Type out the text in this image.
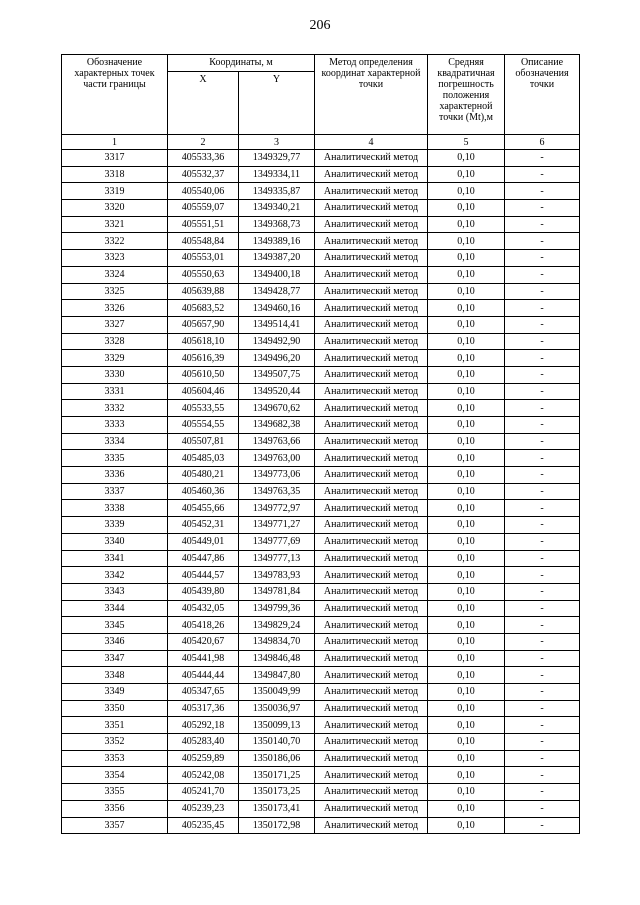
206
Обозначение характерных точек части границы	Координаты, м		Метод определения координат характерной точки	Средняя квадратичная погрешность положения характерной точки (Mt),м	Описание обозначения точки
	X	Y			
1	2	3	4	5	6
3317	405533,36	1349329,77	Аналитический метод	0,10	-
3318	405532,37	1349334,11	Аналитический метод	0,10	-
3319	405540,06	1349335,87	Аналитический метод	0,10	-
3320	405559,07	1349340,21	Аналитический метод	0,10	-
3321	405551,51	1349368,73	Аналитический метод	0,10	-
3322	405548,84	1349389,16	Аналитический метод	0,10	-
3323	405553,01	1349387,20	Аналитический метод	0,10	-
3324	405550,63	1349400,18	Аналитический метод	0,10	-
3325	405639,88	1349428,77	Аналитический метод	0,10	-
3326	405683,52	1349460,16	Аналитический метод	0,10	-
3327	405657,90	1349514,41	Аналитический метод	0,10	-
3328	405618,10	1349492,90	Аналитический метод	0,10	-
3329	405616,39	1349496,20	Аналитический метод	0,10	-
3330	405610,50	1349507,75	Аналитический метод	0,10	-
3331	405604,46	1349520,44	Аналитический метод	0,10	-
3332	405533,55	1349670,62	Аналитический метод	0,10	-
3333	405554,55	1349682,38	Аналитический метод	0,10	-
3334	405507,81	1349763,66	Аналитический метод	0,10	-
3335	405485,03	1349763,00	Аналитический метод	0,10	-
3336	405480,21	1349773,06	Аналитический метод	0,10	-
3337	405460,36	1349763,35	Аналитический метод	0,10	-
3338	405455,66	1349772,97	Аналитический метод	0,10	-
3339	405452,31	1349771,27	Аналитический метод	0,10	-
3340	405449,01	1349777,69	Аналитический метод	0,10	-
3341	405447,86	1349777,13	Аналитический метод	0,10	-
3342	405444,57	1349783,93	Аналитический метод	0,10	-
3343	405439,80	1349781,84	Аналитический метод	0,10	-
3344	405432,05	1349799,36	Аналитический метод	0,10	-
3345	405418,26	1349829,24	Аналитический метод	0,10	-
3346	405420,67	1349834,70	Аналитический метод	0,10	-
3347	405441,98	1349846,48	Аналитический метод	0,10	-
3348	405444,44	1349847,80	Аналитический метод	0,10	-
3349	405347,65	1350049,99	Аналитический метод	0,10	-
3350	405317,36	1350036,97	Аналитический метод	0,10	-
3351	405292,18	1350099,13	Аналитический метод	0,10	-
3352	405283,40	1350140,70	Аналитический метод	0,10	-
3353	405259,89	1350186,06	Аналитический метод	0,10	-
3354	405242,08	1350171,25	Аналитический метод	0,10	-
3355	405241,70	1350173,25	Аналитический метод	0,10	-
3356	405239,23	1350173,41	Аналитический метод	0,10	-
3357	405235,45	1350172,98	Аналитический метод	0,10	-
